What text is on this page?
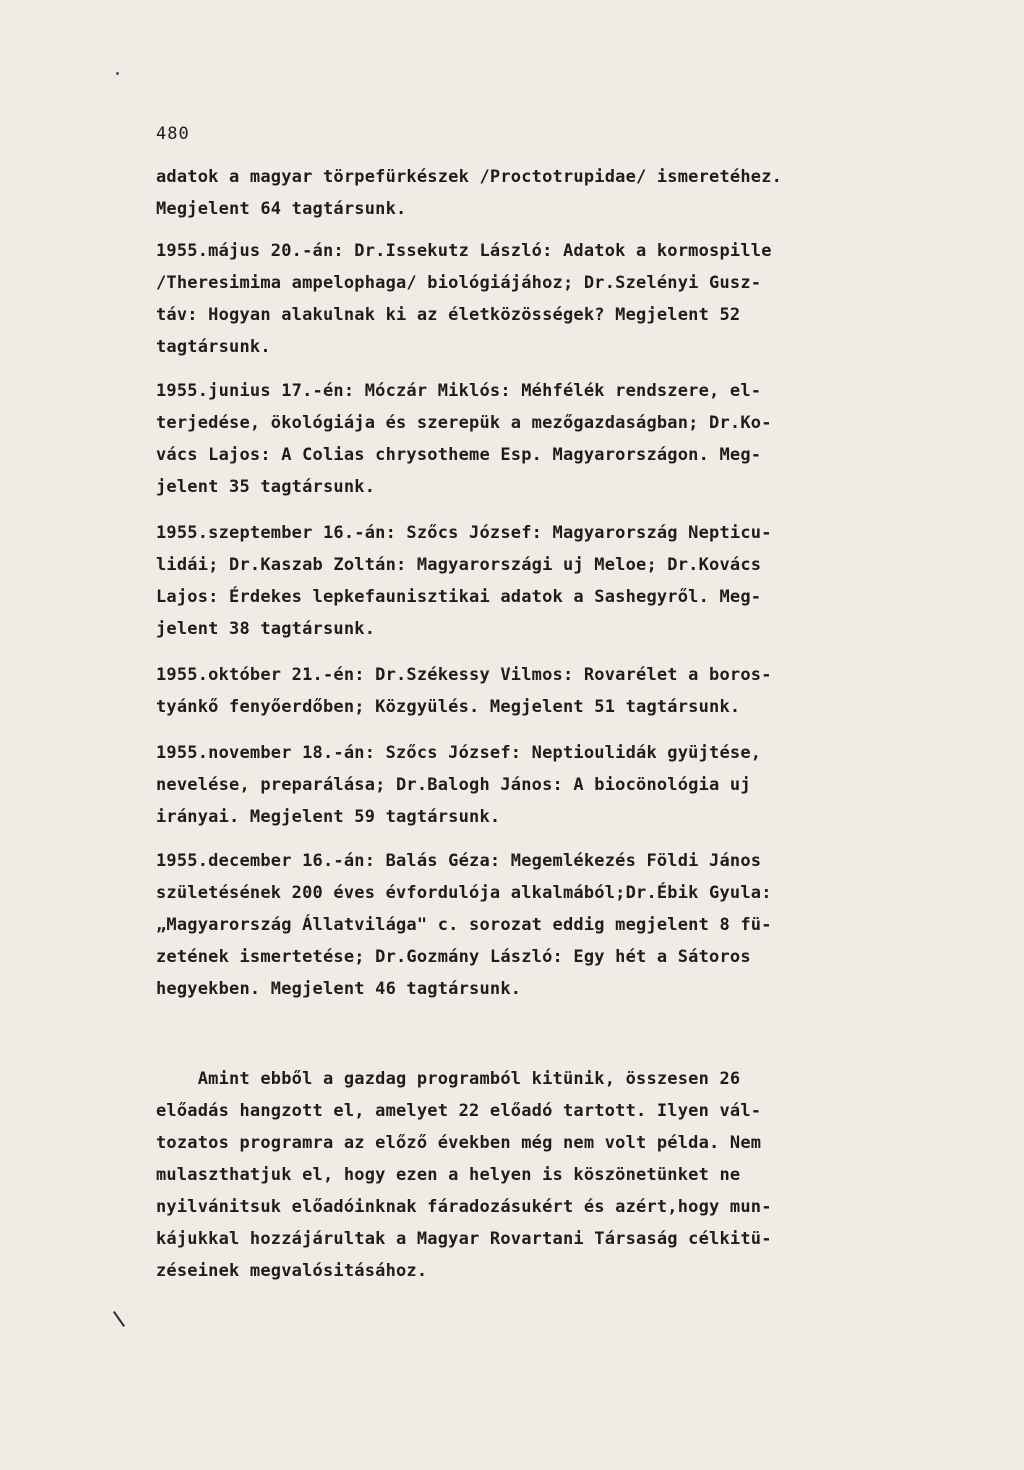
480
adatok a magyar törpefürkészek /Proctotrupidae/ ismeretéhez.
Megjelent 64 tagtársunk.
1955.május 20.-án: Dr.Issekutz László: Adatok a kormospille
/Theresimima ampelophaga/ biológiájához; Dr.Szelényi Gusz-
táv: Hogyan alakulnak ki az életközösségek? Megjelent 52
tagtársunk.
1955.junius 17.-én: Móczár Miklós: Méhfélék rendszere, el-
terjedése, ökológiája és szerepük a mezőgazdaságban; Dr.Ko-
vács Lajos: A Colias chrysotheme Esp. Magyarországon. Meg-
jelent 35 tagtársunk.
1955.szeptember 16.-án: Szőcs József: Magyarország Nepticu-
lidái; Dr.Kaszab Zoltán: Magyarországi uj Meloe; Dr.Kovács
Lajos: Érdekes lepkefaunisztikai adatok a Sashegyről. Meg-
jelent 38 tagtársunk.
1955.október 21.-én: Dr.Székessy Vilmos: Rovarélet a boros-
tyánkő fenyőerdőben; Közgyülés. Megjelent 51 tagtársunk.
1955.november 18.-án: Szőcs József: Neptioulidák gyüjtése,
nevelése, preparálása; Dr.Balogh János: A biocönológia uj
irányai. Megjelent 59 tagtársunk.
1955.december 16.-án: Balás Géza: Megemlékezés Földi János
születésének 200 éves évfordulója alkalmából;Dr.Ébik Gyula:
„Magyarország Állatvilága" c. sorozat eddig megjelent 8 fü-
zetének ismertetése; Dr.Gozmány László: Egy hét a Sátoros
hegyekben. Megjelent 46 tagtársunk.
Amint ebből a gazdag programból kitünik, összesen 26
előadás hangzott el, amelyet 22 előadó tartott. Ilyen vál-
tozatos programra az előző években még nem volt példa. Nem
mulaszthatjuk el, hogy ezen a helyen is köszönetünket ne
nyilvánitsuk előadóinknak fáradozásukért és azért,hogy mun-
kájukkal hozzájárultak a Magyar Rovartani Társaság célkitü-
zéseinek megvalósitásához.
